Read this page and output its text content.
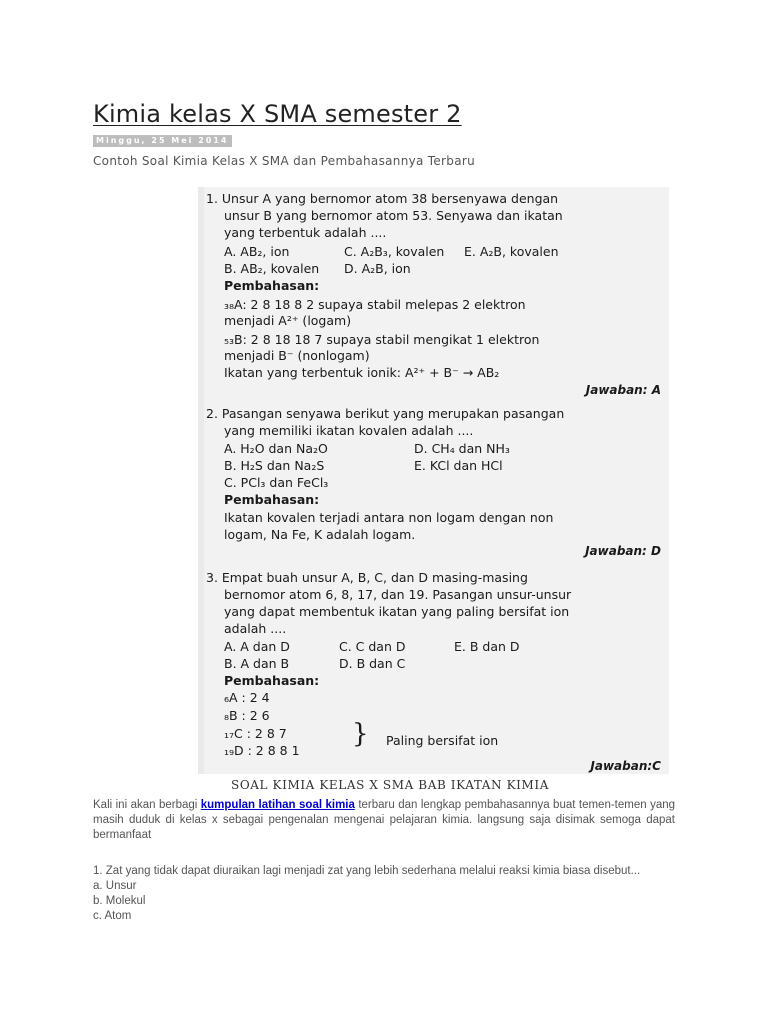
Kimia kelas X SMA semester 2
Minggu, 25 Mei 2014
Contoh Soal Kimia Kelas X SMA dan Pembahasannya Terbaru
1. Unsur A yang bernomor atom 38 bersenyawa dengan
unsur B yang bernomor atom 53. Senyawa dan ikatan
yang terbentuk adalah ....
A. AB₂, ion	C. A₂B₃, kovalen E. A₂B, kovalen
B. AB₂, kovalen D. A₂B, ion
Pembahasan:
₃₈A: 2 8 18 8 2 supaya stabil melepas 2 elektron
menjadi A²⁺ (logam)
₅₃B: 2 8 18 18 7 supaya stabil mengikat 1 elektron
menjadi B⁻ (nonlogam)
Ikatan yang terbentuk ionik: A²⁺ + B⁻ → AB₂
Jawaban: A
2. Pasangan senyawa berikut yang merupakan pasangan
yang memiliki ikatan kovalen adalah ....
A. H₂O dan Na₂O	D. CH₄ dan NH₃
B. H₂S dan Na₂S	E. KCl dan HCl
C. PCl₃ dan FeCl₃
Pembahasan:
Ikatan kovalen terjadi antara non logam dengan non
logam, Na Fe, K adalah logam.
Jawaban: D
3. Empat buah unsur A, B, C, dan D masing-masing
bernomor atom 6, 8, 17, dan 19. Pasangan unsur-unsur
yang dapat membentuk ikatan yang paling bersifat ion
adalah ....
A. A dan D	C. C dan D	E. B dan D
B. A dan B	D. B dan C
Pembahasan:
₆A : 2 4
₈B : 2 6
₁₇C : 2 8 7
₁₉D : 2 8 8 1
} Paling bersifat ion
Jawaban:C
SOAL KIMIA KELAS X SMA BAB IKATAN KIMIA

Kali ini akan berbagi kumpulan latihan soal kimia terbaru dan lengkap pembahasannya buat temen-temen yang masih duduk di kelas x sebagai pengenalan mengenai pelajaran kimia. langsung saja disimak semoga dapat bermanfaat

1. Zat yang tidak dapat diuraikan lagi menjadi zat yang lebih sederhana melalui reaksi kimia biasa disebut...
a. Unsur
b. Molekul
c. Atom
